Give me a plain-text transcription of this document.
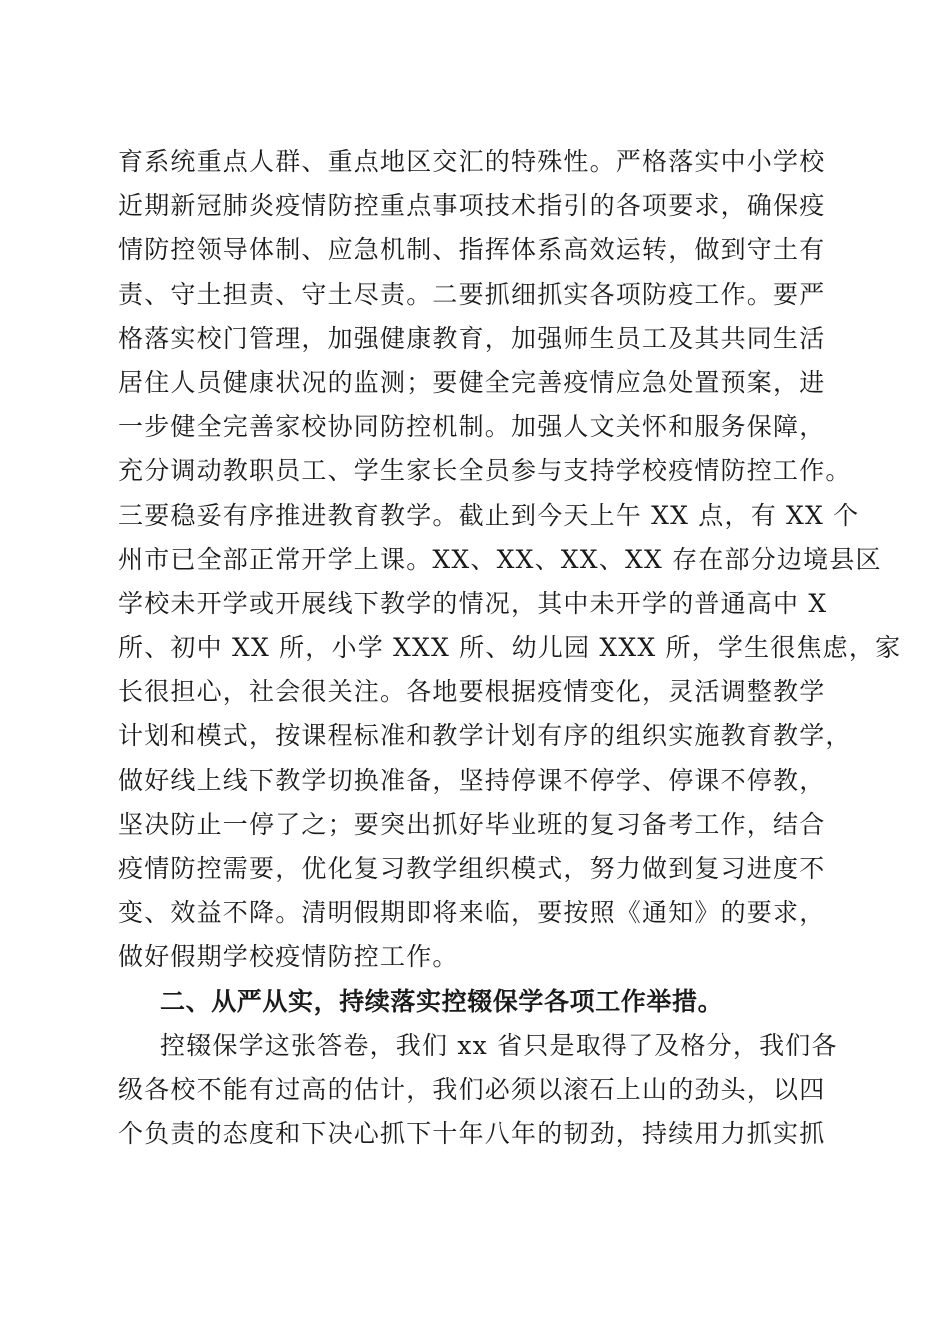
育系统重点人群、重点地区交汇的特殊性。严格落实中小学校
近期新冠肺炎疫情防控重点事项技术指引的各项要求，确保疫
情防控领导体制、应急机制、指挥体系高效运转，做到守土有
责、守土担责、守土尽责。二要抓细抓实各项防疫工作。要严
格落实校门管理，加强健康教育，加强师生员工及其共同生活
居住人员健康状况的监测；要健全完善疫情应急处置预案，进
一步健全完善家校协同防控机制。加强人文关怀和服务保障，
充分调动教职员工、学生家长全员参与支持学校疫情防控工作。
三要稳妥有序推进教育教学。截止到今天上午 XX 点，有 XX 个
州市已全部正常开学上课。XX、XX、XX、XX 存在部分边境县区
学校未开学或开展线下教学的情况，其中未开学的普通高中 X
所、初中 XX 所，小学 XXX 所、幼儿园 XXX 所，学生很焦虑，家
长很担心，社会很关注。各地要根据疫情变化，灵活调整教学
计划和模式，按课程标准和教学计划有序的组织实施教育教学，
做好线上线下教学切换准备，坚持停课不停学、停课不停教，
坚决防止一停了之；要突出抓好毕业班的复习备考工作，结合
疫情防控需要，优化复习教学组织模式，努力做到复习进度不
变、效益不降。清明假期即将来临，要按照《通知》的要求，
做好假期学校疫情防控工作。
二、从严从实，持续落实控辍保学各项工作举措。
控辍保学这张答卷，我们 xx 省只是取得了及格分，我们各
级各校不能有过高的估计，我们必须以滚石上山的劲头，以四
个负责的态度和下决心抓下十年八年的韧劲，持续用力抓实抓
